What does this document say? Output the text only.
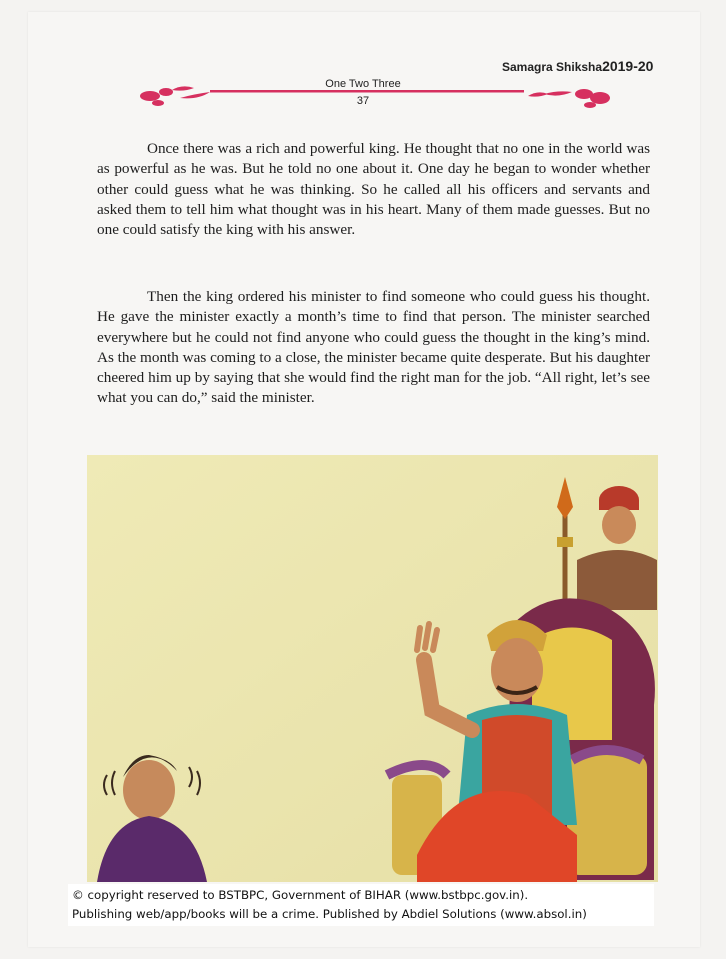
Samagra Shiksha2019-20
One Two Three
37

Once there was a rich and powerful king. He thought that no one in the world was as powerful as he was. But he told no one about it. One day he began to wonder whether other could guess what he was thinking. So he called all his officers and servants and asked them to tell him what thought was in his heart. Many of them made guesses. But no one could satisfy the king with his answer.

Then the king ordered his minister to find someone who could guess his thought. He gave the minister exactly a month’s time to find that person. The minister searched everywhere but he could not find anyone who could guess the thought in the king’s mind. As the month was coming to a close, the minister became quite desperate. But his daughter cheered him up by saying that she would find the right man for the job. “All right, let’s see what you can do,” said the minister.

© copyright reserved to BSTBPC, Government of BIHAR (www.bstbpc.gov.in).
Publishing web/app/books will be a crime. Published by Abdiel Solutions (www.absol.in)
